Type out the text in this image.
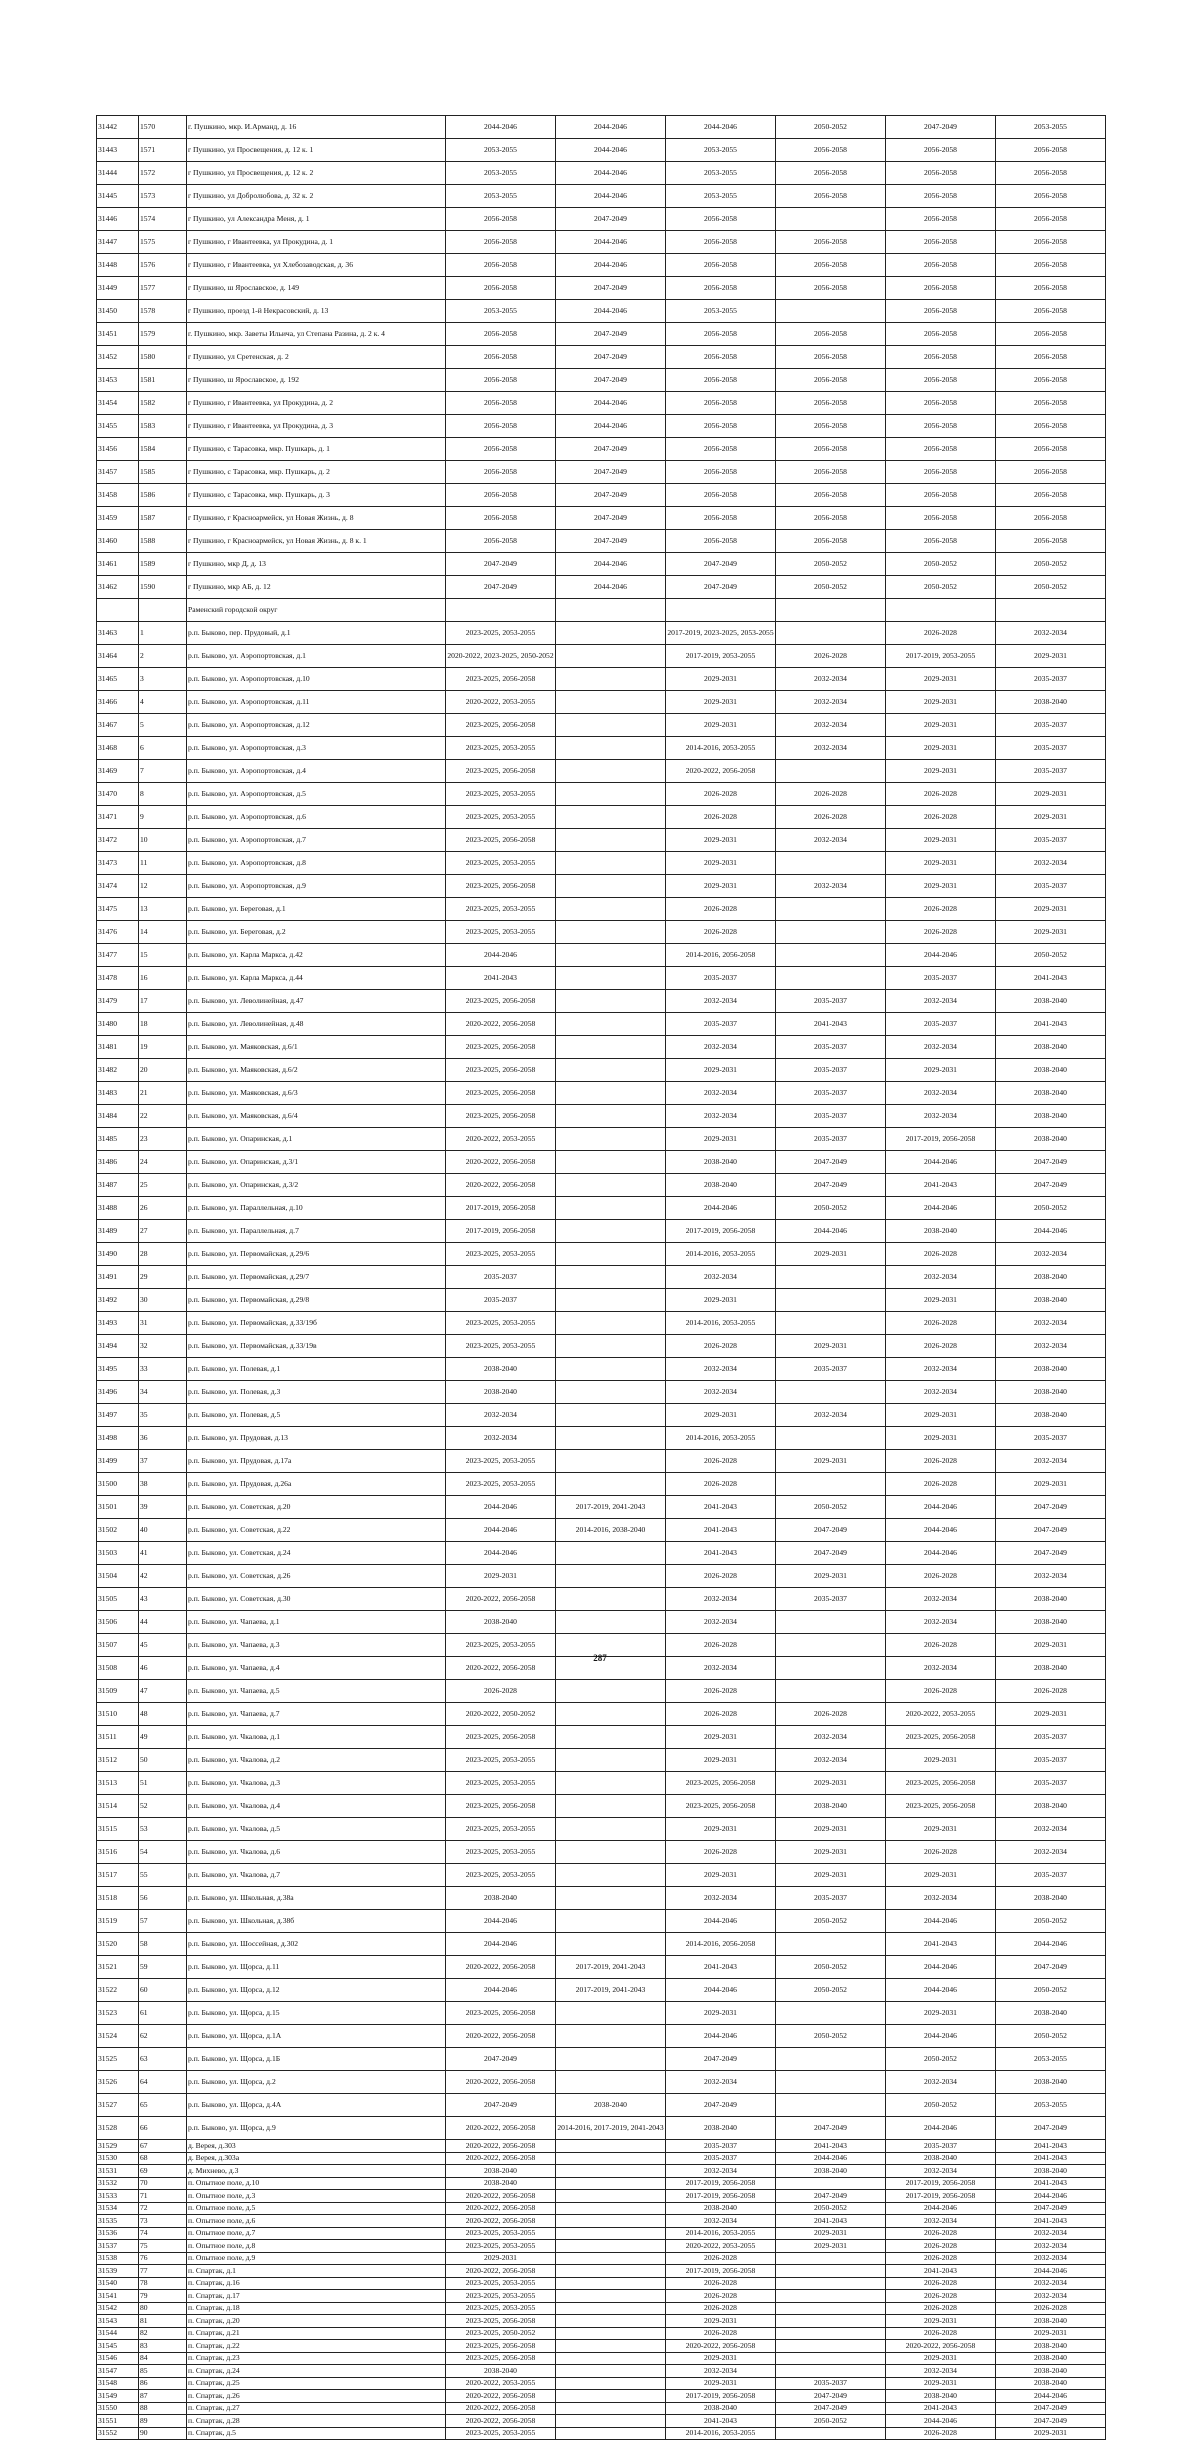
31442	1570	г. Пушкино, мкр. И.Арманд, д. 16	2044-2046	2044-2046	2044-2046	2050-2052	2047-2049	2053-2055
31443	1571	г Пушкино, ул Просвещения, д. 12 к. 1	2053-2055	2044-2046	2053-2055	2056-2058	2056-2058	2056-2058
31444	1572	г Пушкино, ул Просвещения, д. 12 к. 2	2053-2055	2044-2046	2053-2055	2056-2058	2056-2058	2056-2058
31445	1573	г Пушкино, ул Добролюбова, д. 32 к. 2	2053-2055	2044-2046	2053-2055	2056-2058	2056-2058	2056-2058
31446	1574	г Пушкино, ул Александра Меня, д. 1	2056-2058	2047-2049	2056-2058		2056-2058	2056-2058
31447	1575	г Пушкино, г Ивантеевка, ул Прокудина, д. 1	2056-2058	2044-2046	2056-2058	2056-2058	2056-2058	2056-2058
31448	1576	г Пушкино, г Ивантеевка, ул Хлебозаводская, д. 36	2056-2058	2044-2046	2056-2058	2056-2058	2056-2058	2056-2058
31449	1577	г Пушкино, ш Ярославское, д. 149	2056-2058	2047-2049	2056-2058	2056-2058	2056-2058	2056-2058
31450	1578	г Пушкино, проезд 1-й Некрасовский, д. 13	2053-2055	2044-2046	2053-2055		2056-2058	2056-2058
31451	1579	г. Пушкино, мкр. Заветы Ильича, ул Степана Разина, д. 2 к. 4	2056-2058	2047-2049	2056-2058	2056-2058	2056-2058	2056-2058
31452	1580	г Пушкино, ул Сретенская, д. 2	2056-2058	2047-2049	2056-2058	2056-2058	2056-2058	2056-2058
31453	1581	г Пушкино, ш Ярославское, д. 192	2056-2058	2047-2049	2056-2058	2056-2058	2056-2058	2056-2058
31454	1582	г Пушкино, г Ивантеевка, ул Прокудина, д. 2	2056-2058	2044-2046	2056-2058	2056-2058	2056-2058	2056-2058
31455	1583	г Пушкино, г Ивантеевка, ул Прокудина, д. 3	2056-2058	2044-2046	2056-2058	2056-2058	2056-2058	2056-2058
31456	1584	г Пушкино, с Тарасовка, мкр. Пушкарь, д. 1	2056-2058	2047-2049	2056-2058	2056-2058	2056-2058	2056-2058
31457	1585	г Пушкино, с Тарасовка, мкр. Пушкарь, д. 2	2056-2058	2047-2049	2056-2058	2056-2058	2056-2058	2056-2058
31458	1586	г Пушкино, с Тарасовка, мкр. Пушкарь, д. 3	2056-2058	2047-2049	2056-2058	2056-2058	2056-2058	2056-2058
31459	1587	г Пушкино, г Красноармейск, ул Новая Жизнь, д. 8	2056-2058	2047-2049	2056-2058	2056-2058	2056-2058	2056-2058
31460	1588	г Пушкино, г Красноармейск, ул Новая Жизнь, д. 8 к. 1	2056-2058	2047-2049	2056-2058	2056-2058	2056-2058	2056-2058
31461	1589	г Пушкино, мкр Д, д. 13	2047-2049	2044-2046	2047-2049	2050-2052	2050-2052	2050-2052
31462	1590	г Пушкино, мкр АБ, д. 12	2047-2049	2044-2046	2047-2049	2050-2052	2050-2052	2050-2052
		Раменский городской округ						
31463	1	р.п. Быково, пер. Прудовый, д.1	2023-2025, 2053-2055		2017-2019, 2023-2025, 2053-2055		2026-2028	2032-2034
31464	2	р.п. Быково, ул. Аэропортовская, д.1	2020-2022, 2023-2025, 2050-2052		2017-2019, 2053-2055	2026-2028	2017-2019, 2053-2055	2029-2031
31465	3	р.п. Быково, ул. Аэропортовская, д.10	2023-2025, 2056-2058		2029-2031	2032-2034	2029-2031	2035-2037
31466	4	р.п. Быково, ул. Аэропортовская, д.11	2020-2022, 2053-2055		2029-2031	2032-2034	2029-2031	2038-2040
31467	5	р.п. Быково, ул. Аэропортовская, д.12	2023-2025, 2056-2058		2029-2031	2032-2034	2029-2031	2035-2037
31468	6	р.п. Быково, ул. Аэропортовская, д.3	2023-2025, 2053-2055		2014-2016, 2053-2055	2032-2034	2029-2031	2035-2037
31469	7	р.п. Быково, ул. Аэропортовская, д.4	2023-2025, 2056-2058		2020-2022, 2056-2058		2029-2031	2035-2037
31470	8	р.п. Быково, ул. Аэропортовская, д.5	2023-2025, 2053-2055		2026-2028	2026-2028	2026-2028	2029-2031
31471	9	р.п. Быково, ул. Аэропортовская, д.6	2023-2025, 2053-2055		2026-2028	2026-2028	2026-2028	2029-2031
31472	10	р.п. Быково, ул. Аэропортовская, д.7	2023-2025, 2056-2058		2029-2031	2032-2034	2029-2031	2035-2037
31473	11	р.п. Быково, ул. Аэропортовская, д.8	2023-2025, 2053-2055		2029-2031		2029-2031	2032-2034
31474	12	р.п. Быково, ул. Аэропортовская, д.9	2023-2025, 2056-2058		2029-2031	2032-2034	2029-2031	2035-2037
31475	13	р.п. Быково, ул. Береговая, д.1	2023-2025, 2053-2055		2026-2028		2026-2028	2029-2031
31476	14	р.п. Быково, ул. Береговая, д.2	2023-2025, 2053-2055		2026-2028		2026-2028	2029-2031
31477	15	р.п. Быково, ул. Карла Маркса, д.42	2044-2046		2014-2016, 2056-2058		2044-2046	2050-2052
31478	16	р.п. Быково, ул. Карла Маркса, д.44	2041-2043		2035-2037		2035-2037	2041-2043
31479	17	р.п. Быково, ул. Леволинейная, д.47	2023-2025, 2056-2058		2032-2034	2035-2037	2032-2034	2038-2040
31480	18	р.п. Быково, ул. Леволинейная, д.48	2020-2022, 2056-2058		2035-2037	2041-2043	2035-2037	2041-2043
31481	19	р.п. Быково, ул. Маяковская, д.6/1	2023-2025, 2056-2058		2032-2034	2035-2037	2032-2034	2038-2040
31482	20	р.п. Быково, ул. Маяковская, д.6/2	2023-2025, 2056-2058		2029-2031	2035-2037	2029-2031	2038-2040
31483	21	р.п. Быково, ул. Маяковская, д.6/3	2023-2025, 2056-2058		2032-2034	2035-2037	2032-2034	2038-2040
31484	22	р.п. Быково, ул. Маяковская, д.6/4	2023-2025, 2056-2058		2032-2034	2035-2037	2032-2034	2038-2040
31485	23	р.п. Быково, ул. Опаринская, д.1	2020-2022, 2053-2055		2029-2031	2035-2037	2017-2019, 2056-2058	2038-2040
31486	24	р.п. Быково, ул. Опаринская, д.3/1	2020-2022, 2056-2058		2038-2040	2047-2049	2044-2046	2047-2049
31487	25	р.п. Быково, ул. Опаринская, д.3/2	2020-2022, 2056-2058		2038-2040	2047-2049	2041-2043	2047-2049
31488	26	р.п. Быково, ул. Параллельная, д.10	2017-2019, 2056-2058		2044-2046	2050-2052	2044-2046	2050-2052
31489	27	р.п. Быково, ул. Параллельная, д.7	2017-2019, 2056-2058		2017-2019, 2056-2058	2044-2046	2038-2040	2044-2046
31490	28	р.п. Быково, ул. Первомайская, д.29/6	2023-2025, 2053-2055		2014-2016, 2053-2055	2029-2031	2026-2028	2032-2034
31491	29	р.п. Быково, ул. Первомайская, д.29/7	2035-2037		2032-2034		2032-2034	2038-2040
31492	30	р.п. Быково, ул. Первомайская, д.29/8	2035-2037		2029-2031		2029-2031	2038-2040
31493	31	р.п. Быково, ул. Первомайская, д.33/19б	2023-2025, 2053-2055		2014-2016, 2053-2055		2026-2028	2032-2034
31494	32	р.п. Быково, ул. Первомайская, д.33/19в	2023-2025, 2053-2055		2026-2028	2029-2031	2026-2028	2032-2034
31495	33	р.п. Быково, ул. Полевая, д.1	2038-2040		2032-2034	2035-2037	2032-2034	2038-2040
31496	34	р.п. Быково, ул. Полевая, д.3	2038-2040		2032-2034		2032-2034	2038-2040
31497	35	р.п. Быково, ул. Полевая, д.5	2032-2034		2029-2031	2032-2034	2029-2031	2038-2040
31498	36	р.п. Быково, ул. Прудовая, д.13	2032-2034		2014-2016, 2053-2055		2029-2031	2035-2037
31499	37	р.п. Быково, ул. Прудовая, д.17а	2023-2025, 2053-2055		2026-2028	2029-2031	2026-2028	2032-2034
31500	38	р.п. Быково, ул. Прудовая, д.26а	2023-2025, 2053-2055		2026-2028		2026-2028	2029-2031
31501	39	р.п. Быково, ул. Советская, д.20	2044-2046	2017-2019, 2041-2043	2041-2043	2050-2052	2044-2046	2047-2049
31502	40	р.п. Быково, ул. Советская, д.22	2044-2046	2014-2016, 2038-2040	2041-2043	2047-2049	2044-2046	2047-2049
31503	41	р.п. Быково, ул. Советская, д.24	2044-2046		2041-2043	2047-2049	2044-2046	2047-2049
31504	42	р.п. Быково, ул. Советская, д.26	2029-2031		2026-2028	2029-2031	2026-2028	2032-2034
31505	43	р.п. Быково, ул. Советская, д.30	2020-2022, 2056-2058		2032-2034	2035-2037	2032-2034	2038-2040
31506	44	р.п. Быково, ул. Чапаева, д.1	2038-2040		2032-2034		2032-2034	2038-2040
31507	45	р.п. Быково, ул. Чапаева, д.3	2023-2025, 2053-2055		2026-2028		2026-2028	2029-2031
31508	46	р.п. Быково, ул. Чапаева, д.4	2020-2022, 2056-2058		2032-2034		2032-2034	2038-2040
31509	47	р.п. Быково, ул. Чапаева, д.5	2026-2028		2026-2028		2026-2028	2026-2028
31510	48	р.п. Быково, ул. Чапаева, д.7	2020-2022, 2050-2052		2026-2028	2026-2028	2020-2022, 2053-2055	2029-2031
31511	49	р.п. Быково, ул. Чкалова, д.1	2023-2025, 2056-2058		2029-2031	2032-2034	2023-2025, 2056-2058	2035-2037
31512	50	р.п. Быково, ул. Чкалова, д.2	2023-2025, 2053-2055		2029-2031	2032-2034	2029-2031	2035-2037
31513	51	р.п. Быково, ул. Чкалова, д.3	2023-2025, 2053-2055		2023-2025, 2056-2058	2029-2031	2023-2025, 2056-2058	2035-2037
31514	52	р.п. Быково, ул. Чкалова, д.4	2023-2025, 2056-2058		2023-2025, 2056-2058	2038-2040	2023-2025, 2056-2058	2038-2040
31515	53	р.п. Быково, ул. Чкалова, д.5	2023-2025, 2053-2055		2029-2031	2029-2031	2029-2031	2032-2034
31516	54	р.п. Быково, ул. Чкалова, д.6	2023-2025, 2053-2055		2026-2028	2029-2031	2026-2028	2032-2034
31517	55	р.п. Быково, ул. Чкалова, д.7	2023-2025, 2053-2055		2029-2031	2029-2031	2029-2031	2035-2037
31518	56	р.п. Быково, ул. Школьная, д.38а	2038-2040		2032-2034	2035-2037	2032-2034	2038-2040
31519	57	р.п. Быково, ул. Школьная, д.38б	2044-2046		2044-2046	2050-2052	2044-2046	2050-2052
31520	58	р.п. Быково, ул. Шоссейная, д.302	2044-2046		2014-2016, 2056-2058		2041-2043	2044-2046
31521	59	р.п. Быково, ул. Щорса, д.11	2020-2022, 2056-2058	2017-2019, 2041-2043	2041-2043	2050-2052	2044-2046	2047-2049
31522	60	р.п. Быково, ул. Щорса, д.12	2044-2046	2017-2019, 2041-2043	2044-2046	2050-2052	2044-2046	2050-2052
31523	61	р.п. Быково, ул. Щорса, д.15	2023-2025, 2056-2058		2029-2031		2029-2031	2038-2040
31524	62	р.п. Быково, ул. Щорса, д.1А	2020-2022, 2056-2058		2044-2046	2050-2052	2044-2046	2050-2052
31525	63	р.п. Быково, ул. Щорса, д.1Б	2047-2049		2047-2049		2050-2052	2053-2055
31526	64	р.п. Быково, ул. Щорса, д.2	2020-2022, 2056-2058		2032-2034		2032-2034	2038-2040
31527	65	р.п. Быково, ул. Щорса, д.4А	2047-2049	2038-2040	2047-2049		2050-2052	2053-2055
31528	66	р.п. Быково, ул. Щорса, д.9	2020-2022, 2056-2058	2014-2016, 2017-2019, 2041-2043	2038-2040	2047-2049	2044-2046	2047-2049
31529	67	д. Верея, д.303	2020-2022, 2056-2058		2035-2037	2041-2043	2035-2037	2041-2043
31530	68	д. Верея, д.303а	2020-2022, 2056-2058		2035-2037	2044-2046	2038-2040	2041-2043
31531	69	д. Михнево, д.3	2038-2040		2032-2034	2038-2040	2032-2034	2038-2040
31532	70	п. Опытное поле, д.10	2038-2040		2017-2019, 2056-2058		2017-2019, 2056-2058	2041-2043
31533	71	п. Опытное поле, д.3	2020-2022, 2056-2058		2017-2019, 2056-2058	2047-2049	2017-2019, 2056-2058	2044-2046
31534	72	п. Опытное поле, д.5	2020-2022, 2056-2058		2038-2040	2050-2052	2044-2046	2047-2049
31535	73	п. Опытное поле, д.6	2020-2022, 2056-2058		2032-2034	2041-2043	2032-2034	2041-2043
31536	74	п. Опытное поле, д.7	2023-2025, 2053-2055		2014-2016, 2053-2055	2029-2031	2026-2028	2032-2034
31537	75	п. Опытное поле, д.8	2023-2025, 2053-2055		2020-2022, 2053-2055	2029-2031	2026-2028	2032-2034
31538	76	п. Опытное поле, д.9	2029-2031		2026-2028		2026-2028	2032-2034
31539	77	п. Спартак, д.1	2020-2022, 2056-2058		2017-2019, 2056-2058		2041-2043	2044-2046
31540	78	п. Спартак, д.16	2023-2025, 2053-2055		2026-2028		2026-2028	2032-2034
31541	79	п. Спартак, д.17	2023-2025, 2053-2055		2026-2028		2026-2028	2032-2034
31542	80	п. Спартак, д.18	2023-2025, 2053-2055		2026-2028		2026-2028	2026-2028
31543	81	п. Спартак, д.20	2023-2025, 2056-2058		2029-2031		2029-2031	2038-2040
31544	82	п. Спартак, д.21	2023-2025, 2050-2052		2026-2028		2026-2028	2029-2031
31545	83	п. Спартак, д.22	2023-2025, 2056-2058		2020-2022, 2056-2058		2020-2022, 2056-2058	2038-2040
31546	84	п. Спартак, д.23	2023-2025, 2056-2058		2029-2031		2029-2031	2038-2040
31547	85	п. Спартак, д.24	2038-2040		2032-2034		2032-2034	2038-2040
31548	86	п. Спартак, д.25	2020-2022, 2053-2055		2029-2031	2035-2037	2029-2031	2038-2040
31549	87	п. Спартак, д.26	2020-2022, 2056-2058		2017-2019, 2056-2058	2047-2049	2038-2040	2044-2046
31550	88	п. Спартак, д.27	2020-2022, 2056-2058		2038-2040	2047-2049	2041-2043	2047-2049
31551	89	п. Спартак, д.28	2020-2022, 2056-2058		2041-2043	2050-2052	2044-2046	2047-2049
31552	90	п. Спартак, д.5	2023-2025, 2053-2055		2014-2016, 2053-2055		2026-2028	2029-2031
287
